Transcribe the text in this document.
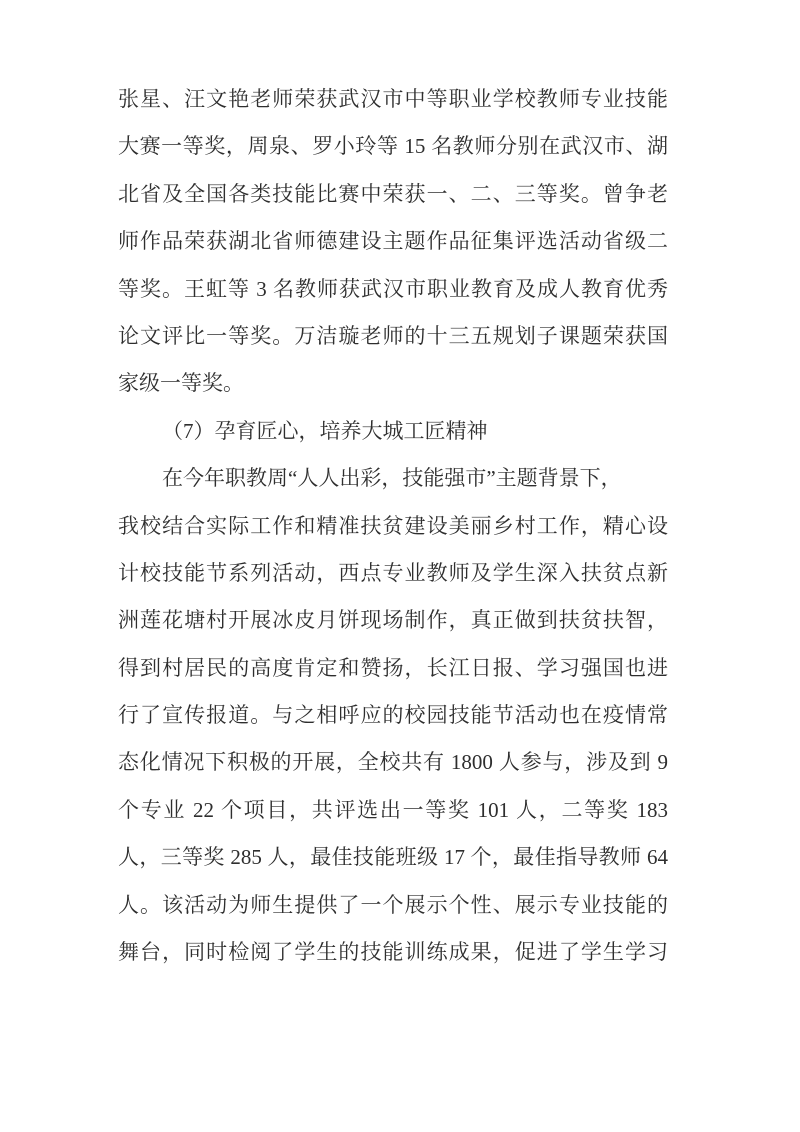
张星、汪文艳老师荣获武汉市中等职业学校教师专业技能
大赛一等奖，周泉、罗小玲等 15 名教师分别在武汉市、湖
北省及全国各类技能比赛中荣获一、二、三等奖。曾争老
师作品荣获湖北省师德建设主题作品征集评选活动省级二
等奖。王虹等 3 名教师获武汉市职业教育及成人教育优秀
论文评比一等奖。万洁璇老师的十三五规划子课题荣获国
家级一等奖。
（7）孕育匠心，培养大城工匠精神
在今年职教周“人人出彩，技能强市”主题背景下，
我校结合实际工作和精准扶贫建设美丽乡村工作，精心设
计校技能节系列活动，西点专业教师及学生深入扶贫点新
洲莲花塘村开展冰皮月饼现场制作，真正做到扶贫扶智，
得到村居民的高度肯定和赞扬，长江日报、学习强国也进
行了宣传报道。与之相呼应的校园技能节活动也在疫情常
态化情况下积极的开展，全校共有 1800 人参与，涉及到 9
个专业 22 个项目，共评选出一等奖 101 人，二等奖 183
人，三等奖 285 人，最佳技能班级 17 个，最佳指导教师 64
人。该活动为师生提供了一个展示个性、展示专业技能的
舞台，同时检阅了学生的技能训练成果，促进了学生学习
